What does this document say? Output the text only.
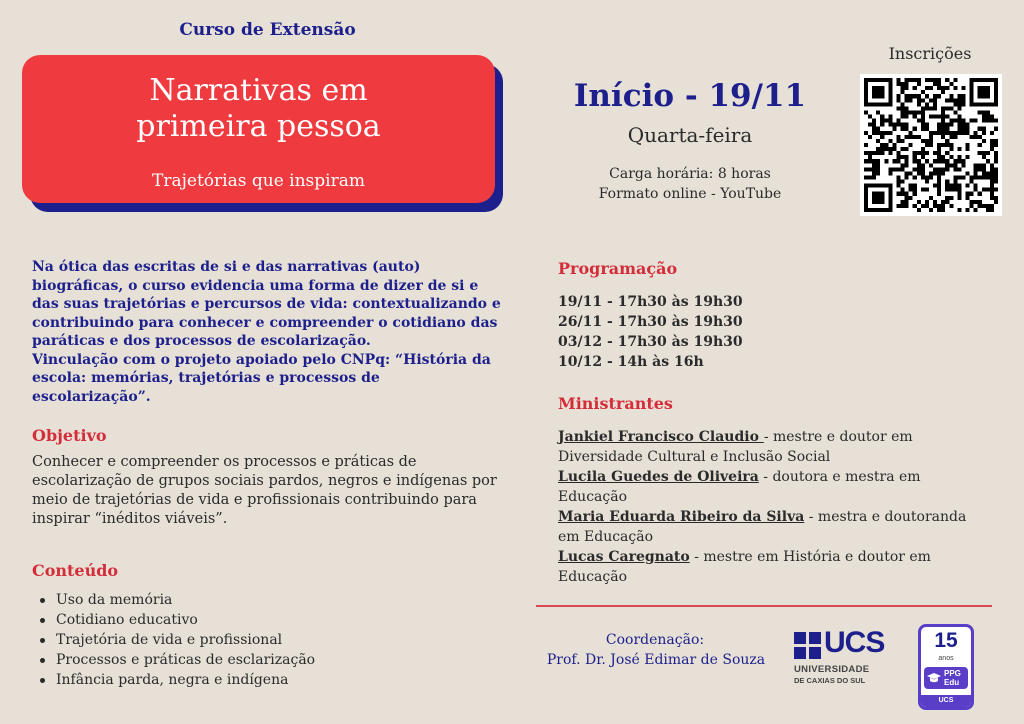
Curso de Extensão
Narrativas em
primeira pessoa
Trajetórias que inspiram
Início - 19/11
Quarta-feira
Carga horária: 8 horas
Formato online - YouTube
Inscrições

Na ótica das escritas de si e das narrativas (auto) biográficas, o curso evidencia uma forma de dizer de si e das suas trajetórias e percursos de vida: contextualizando e contribuindo para conhecer e compreender o cotidiano das paráticas e dos processos de escolarização.

Vinculação com o projeto apoiado pelo CNPq: “História da escola: memórias, trajetórias e processos de escolarização”.

Objetivo
Conhecer e compreender os processos e práticas de escolarização de grupos sociais pardos, negros e indígenas por meio de trajetórias de vida e profissionais contribuindo para inspirar “inéditos viáveis”.
Conteúdo
Uso da memória
Cotidiano educativo
Trajetória de vida e profissional
Processos e práticas de esclarização
Infância parda, negra e indígena
Programação
19/11 - 17h30 às 19h30
26/11 - 17h30 às 19h30
03/12 - 17h30 às 19h30
10/12 - 14h às 16h
Ministrantes
Jankiel Francisco Claudio - mestre e doutor em Diversidade Cultural e Inclusão Social
Lucila Guedes de Oliveira - doutora e mestra em Educação
Maria Eduarda Ribeiro da Silva - mestra e doutoranda em Educação
Lucas Caregnato - mestre em História e doutor em Educação
Coordenação:
Prof. Dr. José Edimar de Souza
UCS
UNIVERSIDADE
DE CAXIAS DO SUL
15
anos
PPG
Edu
UCS
